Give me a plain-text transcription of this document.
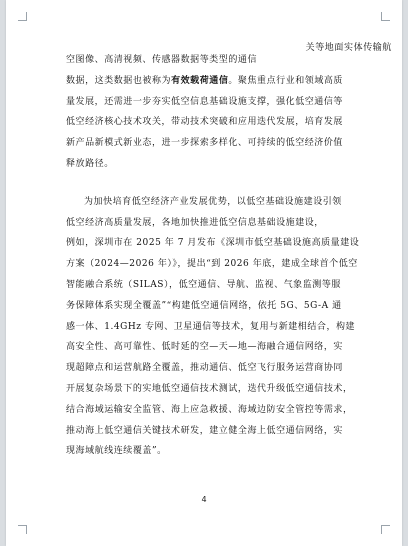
关等地面实体传输航
空图像、高清视频、传感器数据等类型的通信
数据，这类数据也被称为有效载荷通信。聚焦重点行业和领域高质
量发展，还需进一步夯实低空信息基础设施支撑，强化低空通信等
低空经济核心技术攻关，带动技术突破和应用迭代发展，培育发展
新产品新模式新业态，进一步探索多样化、可持续的低空经济价值
释放路径。
为加快培育低空经济产业发展优势，以低空基础设施建设引领
低空经济高质量发展，各地加快推进低空信息基础设施建设，
例如，深圳市在 2025 年 7 月发布《深圳市低空基础设施高质量建设
方案（2024—2026 年）》，提出“到 2026 年底，建成全球首个低空
智能融合系统（SILAS），低空通信、导航、监视、气象监测等服
务保障体系实现全覆盖”“构建低空通信网络，依托 5G、5G-A 通
感一体、1.4GHz 专网、卫星通信等技术，复用与新建相结合，构建
高安全性、高可靠性、低时延的空—天—地—海融合通信网络，实
现超障点和运营航路全覆盖，推动通信、低空飞行服务运营商协同
开展复杂场景下的实地低空通信技术测试，迭代升级低空通信技术，
结合海域运输安全监管、海上应急救援、海域边防安全管控等需求，
推动海上低空通信关键技术研发，建立健全海上低空通信网络，实
现海域航线连续覆盖”。
4
